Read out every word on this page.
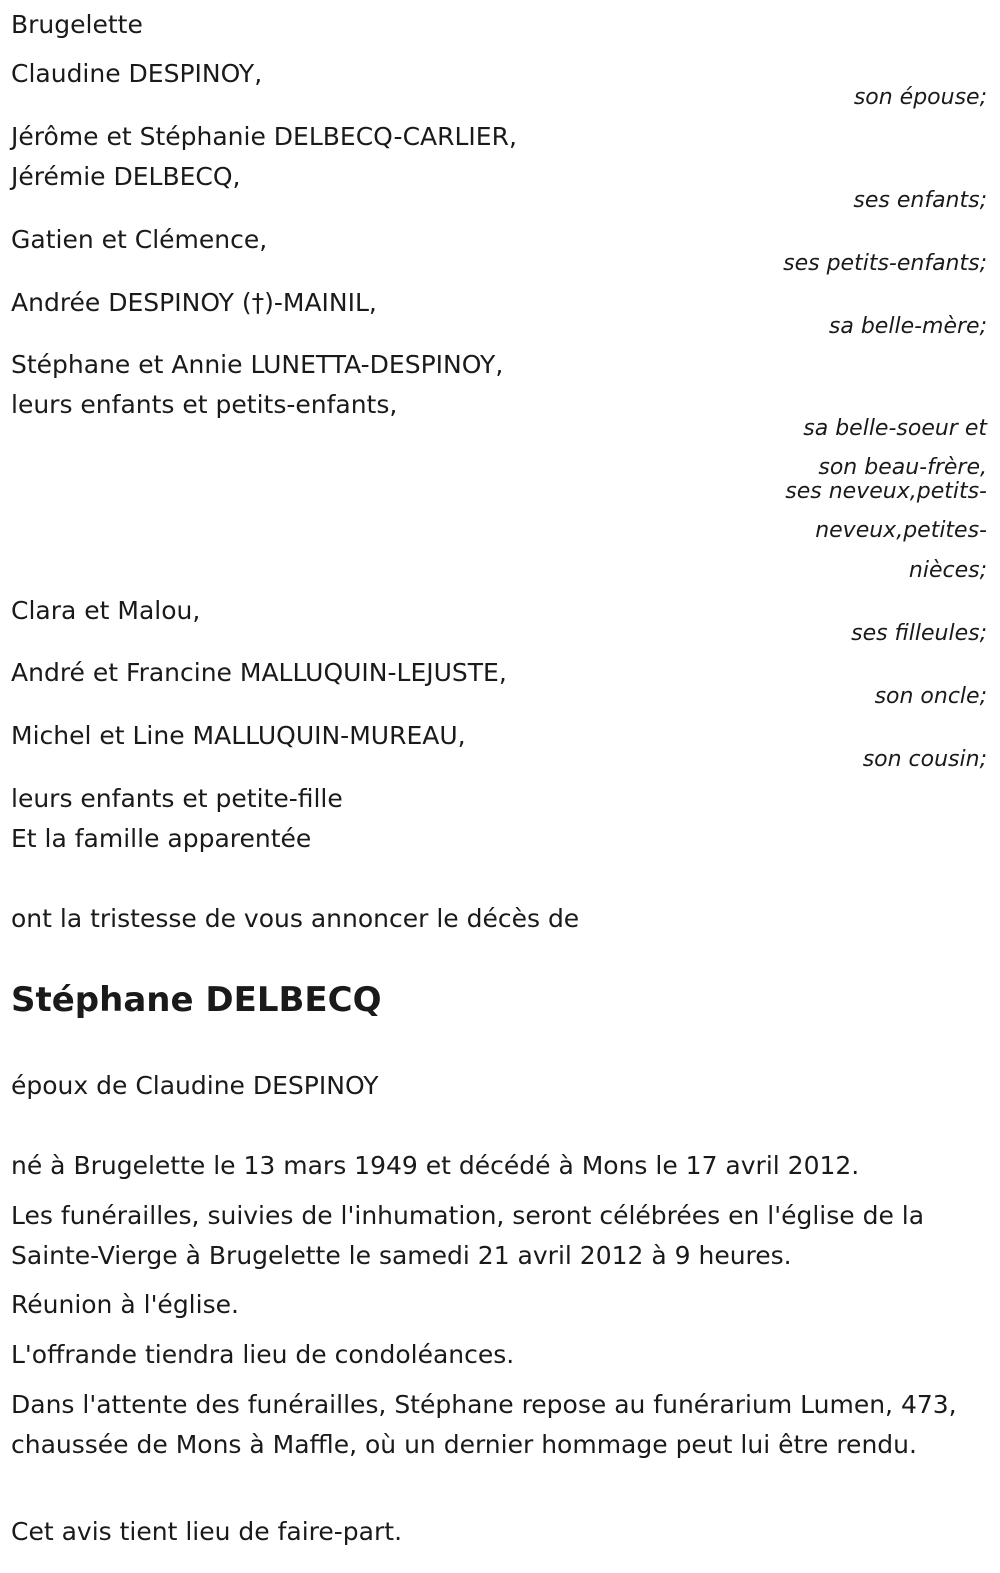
Brugelette
Claudine DESPINOY,
son épouse;
Jérôme et Stéphanie DELBECQ-CARLIER,
Jérémie DELBECQ,
ses enfants;
Gatien et Clémence,
ses petits-enfants;
Andrée DESPINOY (†)-MAINIL,
sa belle-mère;
Stéphane et Annie LUNETTA-DESPINOY,
leurs enfants et petits-enfants,
sa belle-soeur et
son beau-frère,
ses neveux,petits-
neveux,petites-
nièces;
Clara et Malou,
ses filleules;
André et Francine MALLUQUIN-LEJUSTE,
son oncle;
Michel et Line MALLUQUIN-MUREAU,
son cousin;
leurs enfants et petite-fille
Et la famille apparentée
ont la tristesse de vous annoncer le décès de
Stéphane DELBECQ
époux de Claudine DESPINOY
né à Brugelette le 13 mars 1949 et décédé à Mons le 17 avril 2012.
Les funérailles, suivies de l'inhumation, seront célébrées en l'église de la Sainte-Vierge à Brugelette le samedi 21 avril 2012 à 9 heures.
Réunion à l'église.
L'offrande tiendra lieu de condoléances.
Dans l'attente des funérailles, Stéphane repose au funérarium Lumen, 473, chaussée de Mons à Maffle, où un dernier hommage peut lui être rendu.
Cet avis tient lieu de faire-part.
